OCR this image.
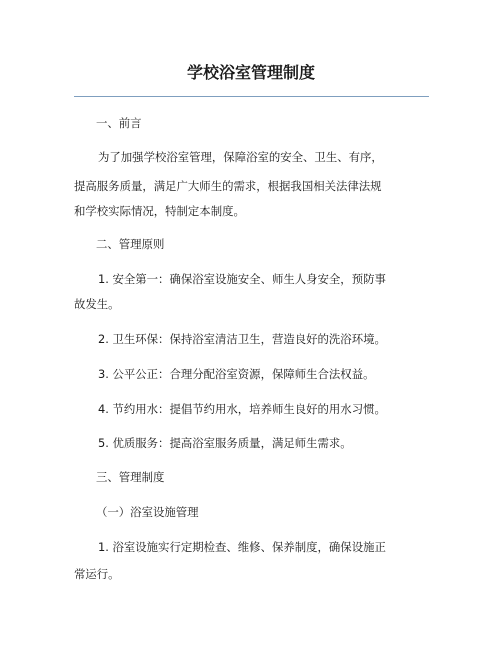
学校浴室管理制度

一、前言

为了加强学校浴室管理，保障浴室的安全、卫生、有序，

提高服务质量，满足广大师生的需求，根据我国相关法律法规

和学校实际情况，特制定本制度。

二、管理原则

1. 安全第一：确保浴室设施安全、师生人身安全，预防事

故发生。

2. 卫生环保：保持浴室清洁卫生，营造良好的洗浴环境。

3. 公平公正：合理分配浴室资源，保障师生合法权益。

4. 节约用水：提倡节约用水，培养师生良好的用水习惯。

5. 优质服务：提高浴室服务质量，满足师生需求。

三、管理制度

（一）浴室设施管理

1. 浴室设施实行定期检查、维修、保养制度，确保设施正

常运行。
